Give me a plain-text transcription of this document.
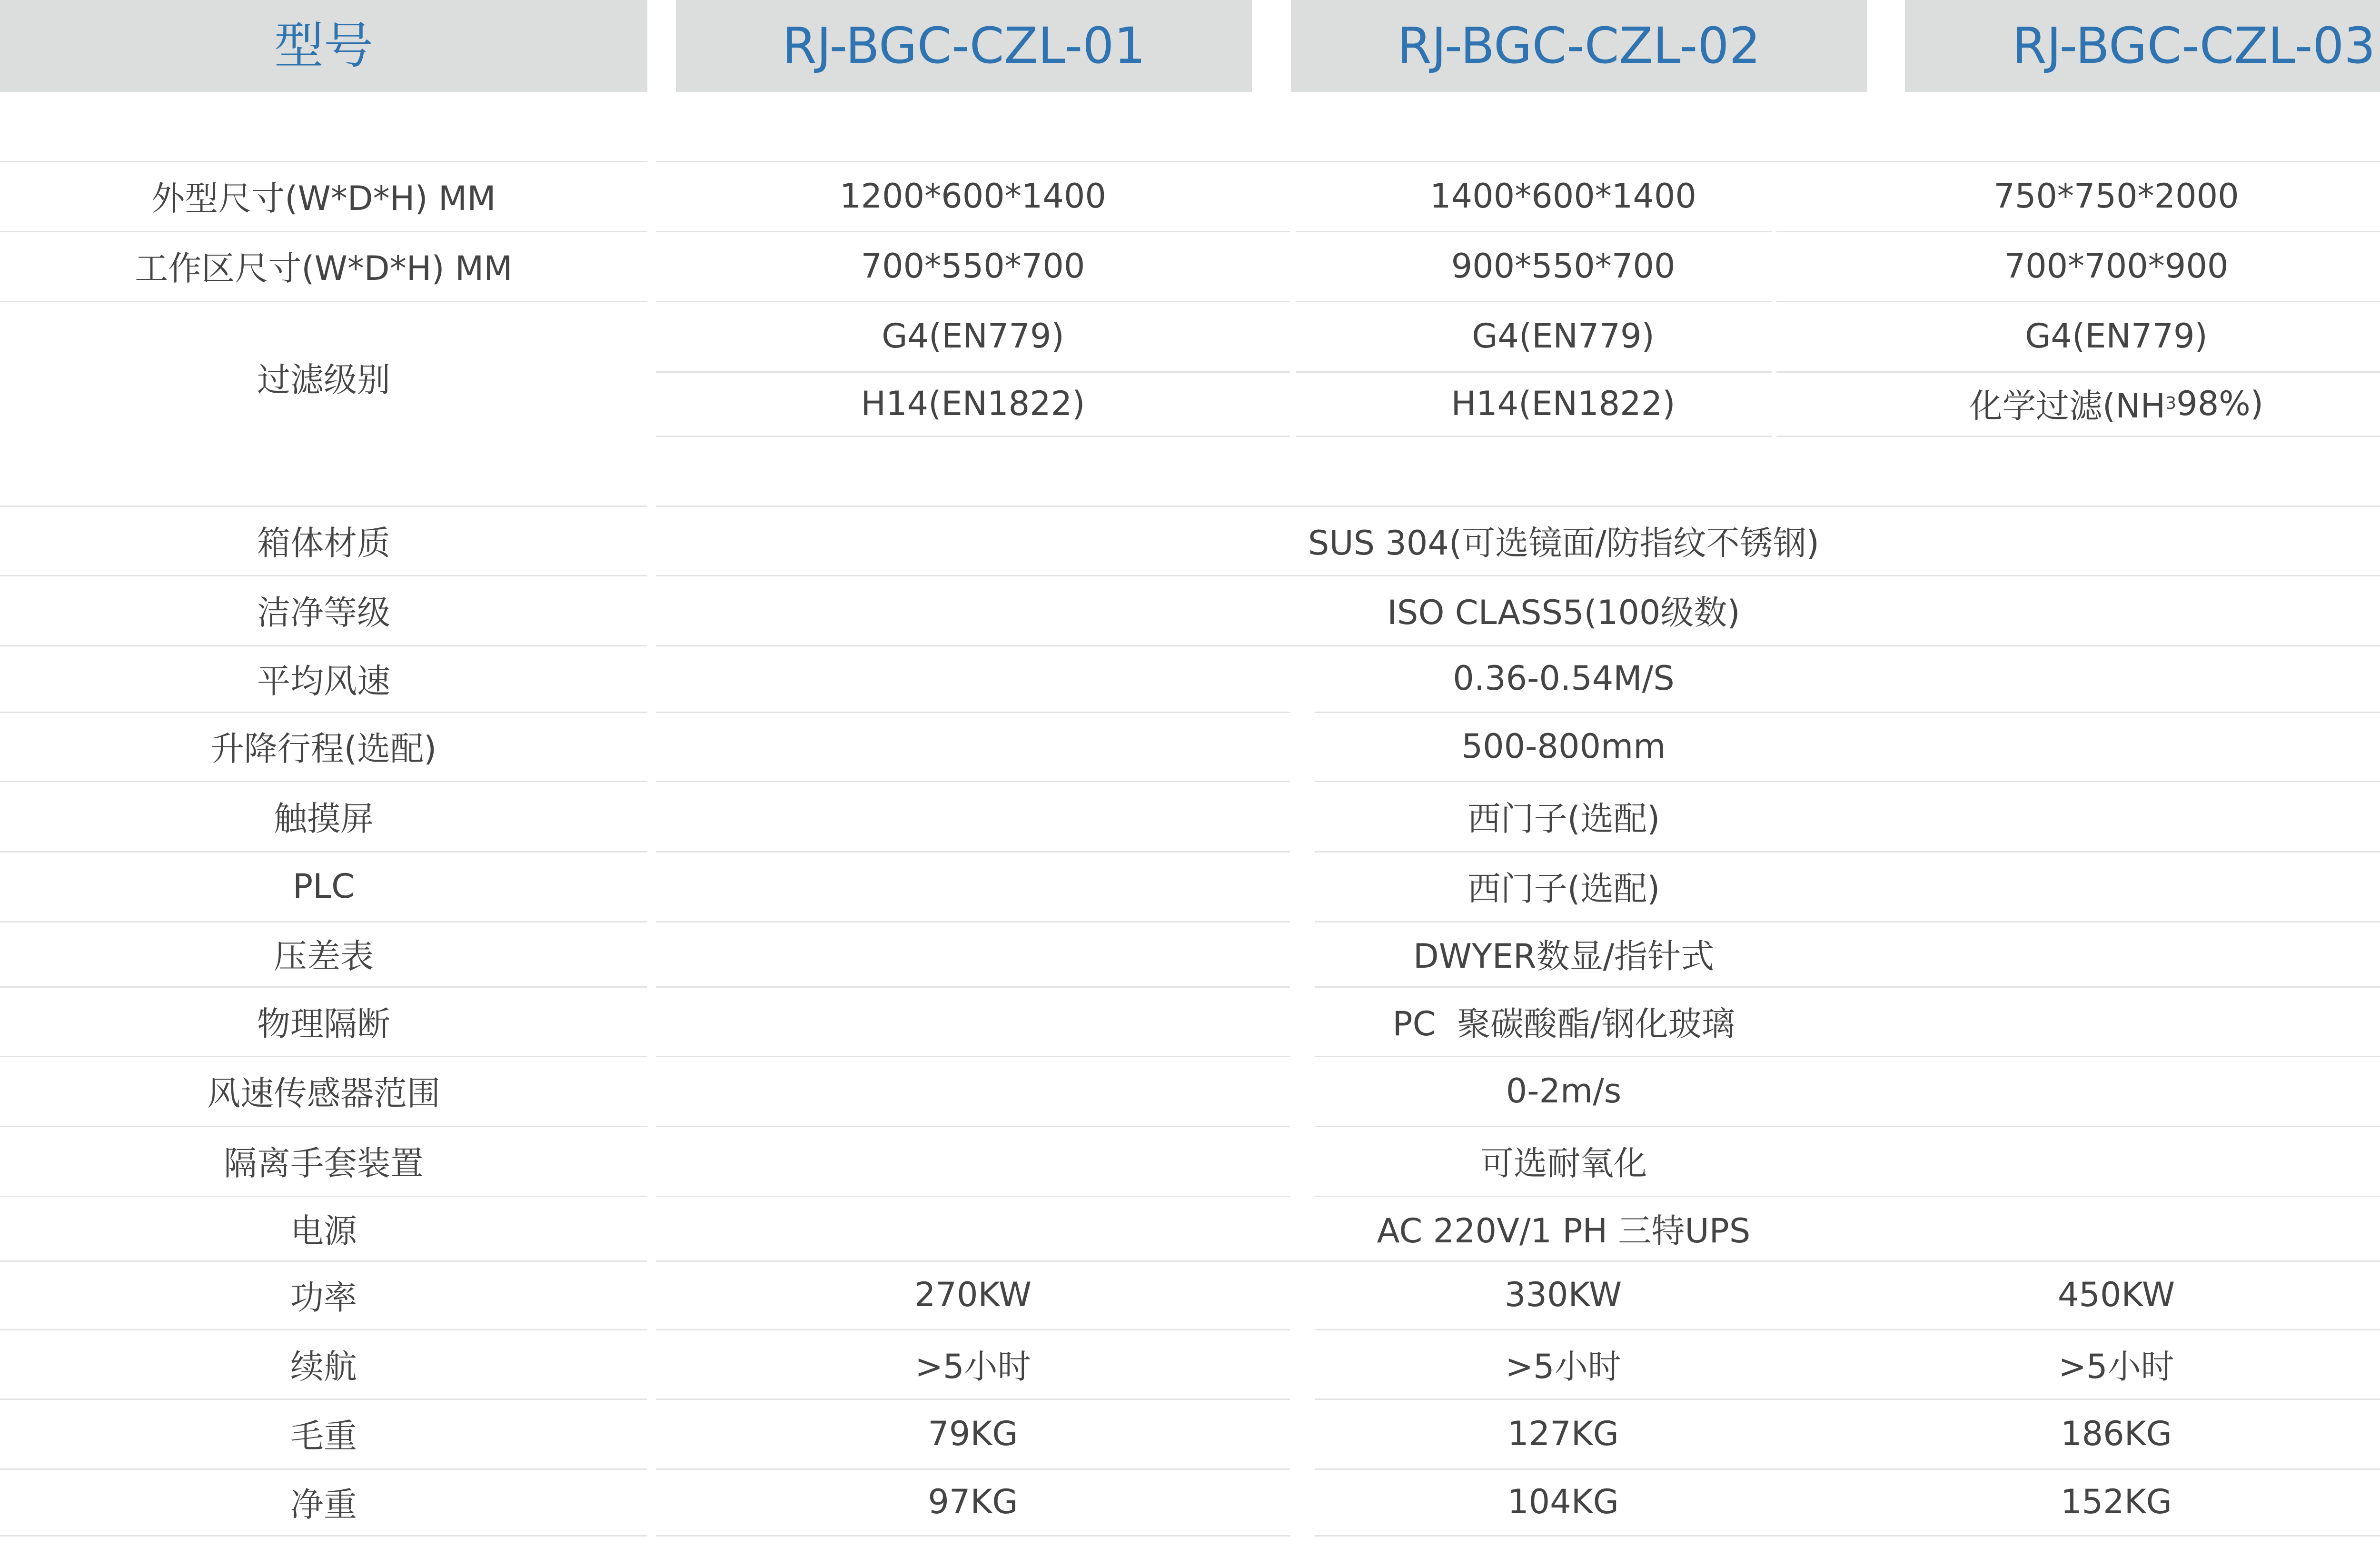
型号	RJ-BGC-CZL-01	RJ-BGC-CZL-02	RJ-BGC-CZL-03
外型尺寸(W*D*H) MM	1200*600*1400	1400*600*1400	750*750*2000
工作区尺寸(W*D*H) MM	700*550*700	900*550*700	700*700*900
过滤级别
G4(EN779)	G4(EN779)	G4(EN779)
H14(EN1822)	H14(EN1822)	化学过滤(NH 3 98%)
箱体材质	SUS 304(可选镜面/防指纹不锈钢)
洁净等级	ISO CLASS5(100级数)
平均风速	0.36-0.54M/S
升降行程(选配)	500-800mm
触摸屏	西门子(选配)
PLC	西门子(选配)
压差表	DWYER数显/指针式
物理隔断	PC  聚碳酸酯/钢化玻璃
风速传感器范围	0-2m/s
隔离手套装置	可选耐氧化
电源	AC 220V/1 PH 三特UPS
功率	270KW	330KW	450KW
续航	>5小时	>5小时	>5小时
毛重	79KG	127KG	186KG
净重	97KG	104KG	152KG
